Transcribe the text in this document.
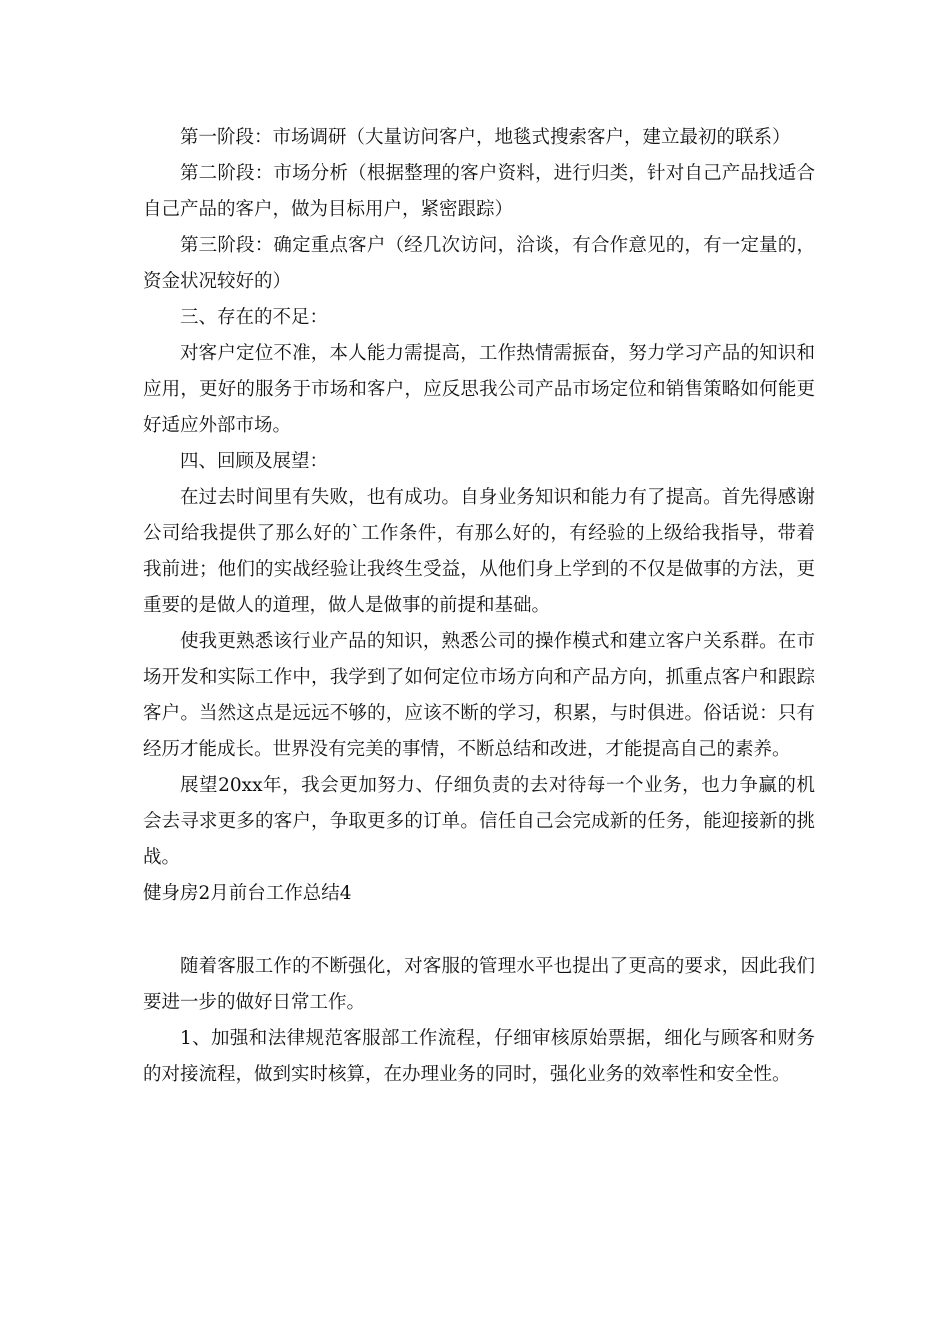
第一阶段：市场调研（大量访问客户，地毯式搜索客户，建立最初的联系）

第二阶段：市场分析（根据整理的客户资料，进行归类，针对自己产品找适合自己产品的客户，做为目标用户，紧密跟踪）

第三阶段：确定重点客户（经几次访问，洽谈，有合作意见的，有一定量的，资金状况较好的）

三、存在的不足：

对客户定位不准，本人能力需提高，工作热情需振奋，努力学习产品的知识和应用，更好的服务于市场和客户，应反思我公司产品市场定位和销售策略如何能更好适应外部市场。

四、回顾及展望：

在过去时间里有失败，也有成功。自身业务知识和能力有了提高。首先得感谢公司给我提供了那么好的`工作条件，有那么好的，有经验的上级给我指导，带着我前进；他们的实战经验让我终生受益，从他们身上学到的不仅是做事的方法，更重要的是做人的道理，做人是做事的前提和基础。

使我更熟悉该行业产品的知识，熟悉公司的操作模式和建立客户关系群。在市场开发和实际工作中，我学到了如何定位市场方向和产品方向，抓重点客户和跟踪客户。当然这点是远远不够的，应该不断的学习，积累，与时俱进。俗话说：只有经历才能成长。世界没有完美的事情，不断总结和改进，才能提高自己的素养。

展望20xx年，我会更加努力、仔细负责的去对待每一个业务，也力争赢的机会去寻求更多的客户，争取更多的订单。信任自己会完成新的任务，能迎接新的挑战。

健身房2月前台工作总结4

随着客服工作的不断强化，对客服的管理水平也提出了更高的要求，因此我们要进一步的做好日常工作。

1、加强和法律规范客服部工作流程，仔细审核原始票据，细化与顾客和财务的对接流程，做到实时核算，在办理业务的同时，强化业务的效率性和安全性。
